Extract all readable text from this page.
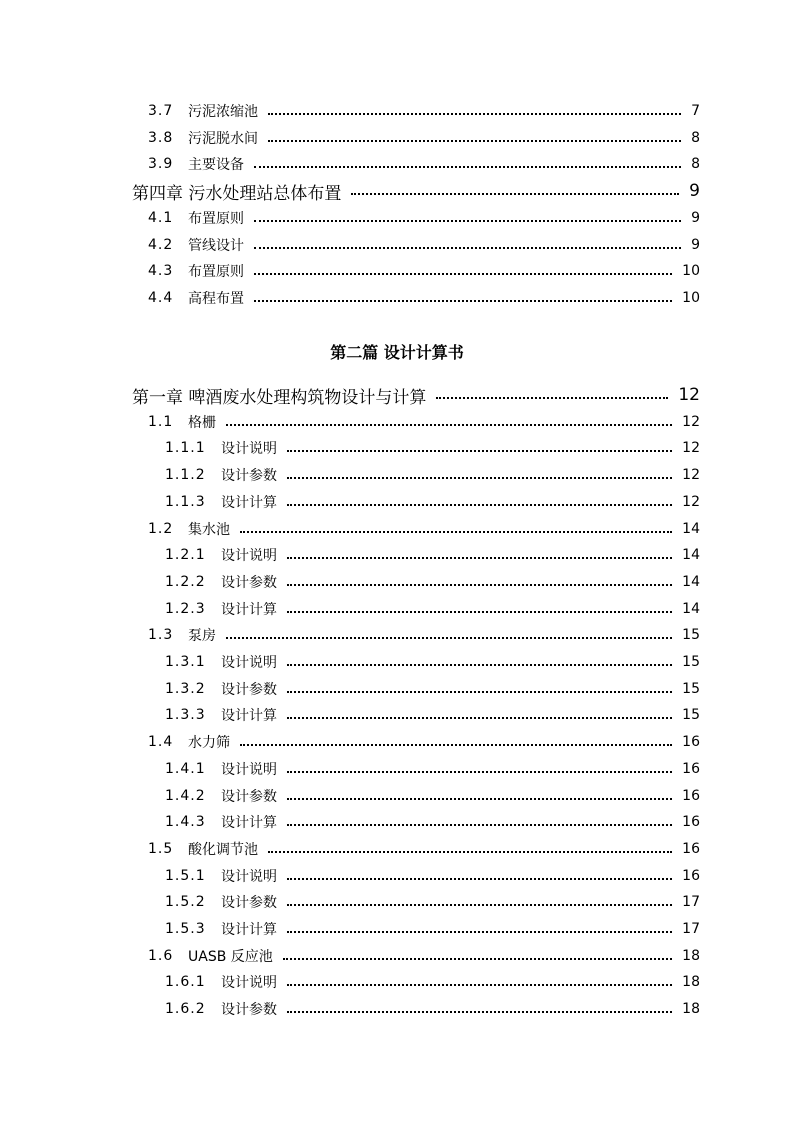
第二篇 设计计算书
3.7	污泥浓缩池	7
3.8	污泥脱水间	8
3.9	主要设备	8
第四章 污水处理站总体布置	9
4.1	布置原则	9
4.2	管线设计	9
4.3	布置原则	10
4.4	高程布置	10
第一章 啤酒废水处理构筑物设计与计算	12
1.1	格栅	12
1.1.1	设计说明	12
1.1.2	设计参数	12
1.1.3	设计计算	12
1.2	集水池	14
1.2.1	设计说明	14
1.2.2	设计参数	14
1.2.3	设计计算	14
1.3	泵房	15
1.3.1	设计说明	15
1.3.2	设计参数	15
1.3.3	设计计算	15
1.4	水力筛	16
1.4.1	设计说明	16
1.4.2	设计参数	16
1.4.3	设计计算	16
1.5	酸化调节池	16
1.5.1	设计说明	16
1.5.2	设计参数	17
1.5.3	设计计算	17
1.6	UASB 反应池	18
1.6.1	设计说明	18
1.6.2	设计参数	18
